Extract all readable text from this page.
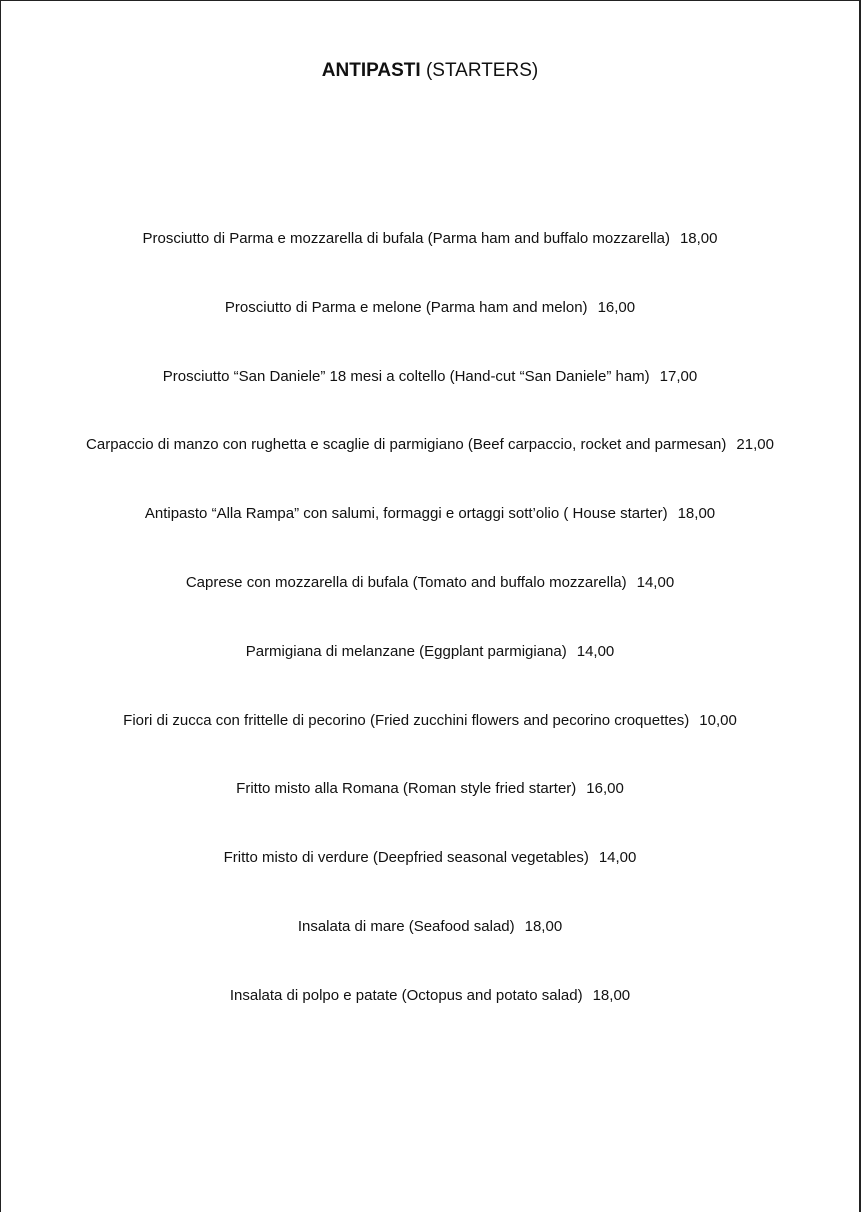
ANTIPASTI (STARTERS)
Prosciutto di Parma e mozzarella di bufala (Parma ham and buffalo mozzarella) 18,00
Prosciutto di Parma e melone (Parma ham and melon) 16,00
Prosciutto “San Daniele” 18 mesi a coltello (Hand-cut “San Daniele” ham) 17,00
Carpaccio di manzo con rughetta e scaglie di parmigiano (Beef carpaccio, rocket and parmesan) 21,00
Antipasto “Alla Rampa” con salumi, formaggi e ortaggi sott’olio ( House starter) 18,00
Caprese con mozzarella di bufala (Tomato and buffalo mozzarella) 14,00
Parmigiana di melanzane (Eggplant parmigiana) 14,00
Fiori di zucca con frittelle di pecorino (Fried zucchini flowers and pecorino croquettes) 10,00
Fritto misto alla Romana (Roman style fried starter) 16,00
Fritto misto di verdure (Deepfried seasonal vegetables) 14,00
Insalata di mare (Seafood salad) 18,00
Insalata di polpo e patate (Octopus and potato salad) 18,00
